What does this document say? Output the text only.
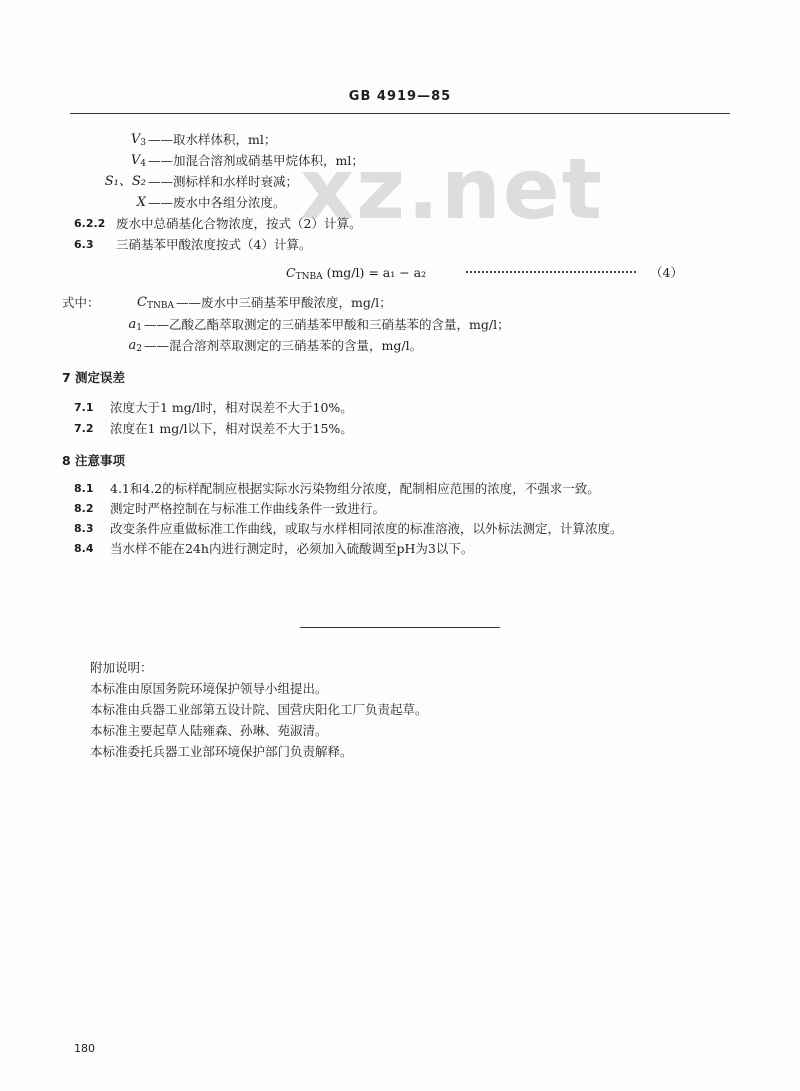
GB 4919—85
xz.net
$V_3$ ——取水样体积，ml；
$V_4$ ——加混合溶剂或硝基甲烷体积，ml；
S₁、S₂ ——测标样和水样时衰减；
X ——废水中各组分浓度。
6.2.2 废水中总硝基化合物浓度，按式（2）计算。
6.3 三硝基苯甲酸浓度按式（4）计算。
$C_{TNBA}$ (mg/l) = a₁ − a₂	（4）
式中：	$C_{TNBA}$ ——废水中三硝基苯甲酸浓度，mg/l；
$a_1$ ——乙酸乙酯萃取测定的三硝基苯甲酸和三硝基苯的含量，mg/l；
$a_2$ ——混合溶剂萃取测定的三硝基苯的含量，mg/l。
7 测定误差
7.1 浓度大于1 mg/l时，相对误差不大于10%。
7.2 浓度在1 mg/l以下，相对误差不大于15%。
8 注意事项
8.1 4.1和4.2的标样配制应根据实际水污染物组分浓度，配制相应范围的浓度，不强求一致。
8.2 测定时严格控制在与标准工作曲线条件一致进行。
8.3 改变条件应重做标准工作曲线，或取与水样相同浓度的标准溶液，以外标法测定，计算浓度。
8.4 当水样不能在24h内进行测定时，必须加入硫酸调至pH为3以下。
附加说明：
本标准由原国务院环境保护领导小组提出。
本标准由兵器工业部第五设计院、国营庆阳化工厂负责起草。
本标准主要起草人陆雍森、孙琳、苑淑清。
本标准委托兵器工业部环境保护部门负责解释。
180
